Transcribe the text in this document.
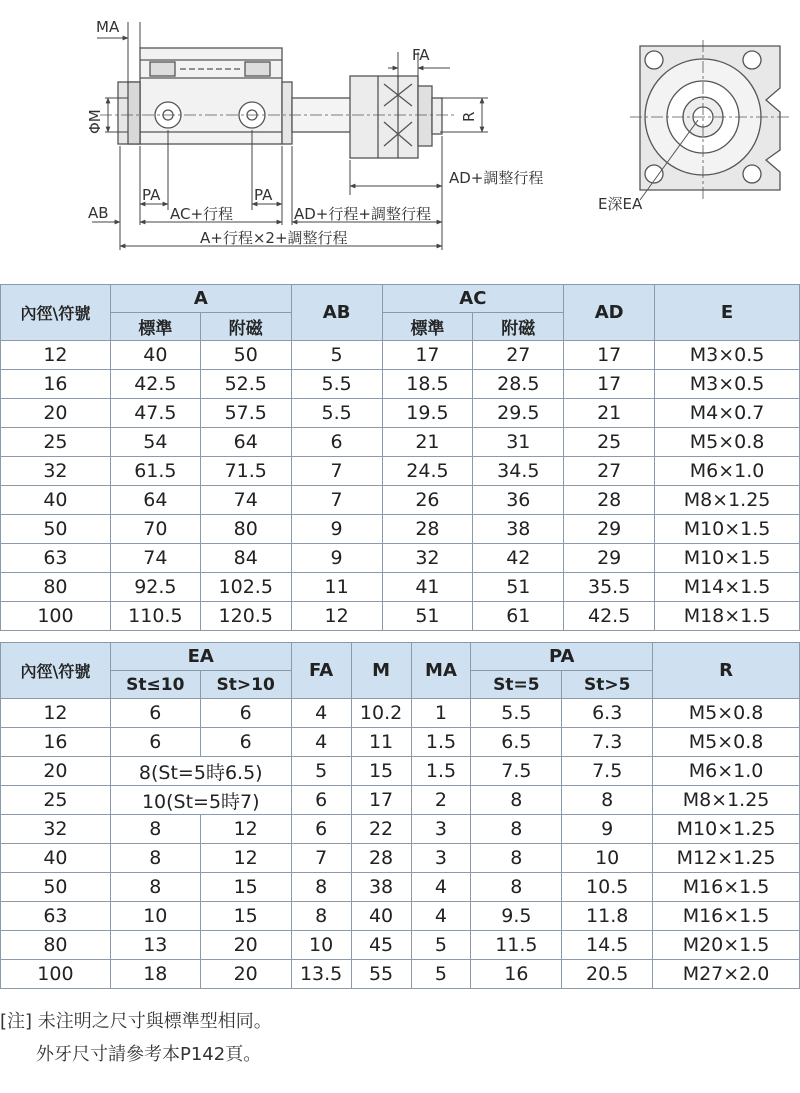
MA
FA
ΦM	R
AD+調整行程
E深EA
AB
PA	PA
AC+行程	AD+行程+調整行程
A+行程×2+調整行程
內徑\符號	A		AB	AC		AD	E
	標準	附磁		標準	附磁		
12	40	50	5	17	27	17	M3×0.5
16	42.5	52.5	5.5	18.5	28.5	17	M3×0.5
20	47.5	57.5	5.5	19.5	29.5	21	M4×0.7
25	54	64	6	21	31	25	M5×0.8
32	61.5	71.5	7	24.5	34.5	27	M6×1.0
40	64	74	7	26	36	28	M8×1.25
50	70	80	9	28	38	29	M10×1.5
63	74	84	9	32	42	29	M10×1.5
80	92.5	102.5	11	41	51	35.5	M14×1.5
100	110.5	120.5	12	51	61	42.5	M18×1.5
內徑\符號	EA		FA	M	MA	PA		R
	St≤10	St>10				St=5	St>5	
12	6	6	4	10.2	1	5.5	6.3	M5×0.8
16	6	6	4	11	1.5	6.5	7.3	M5×0.8
20	8(St=5時6.5)		5	15	1.5	7.5	7.5	M6×1.0
25	10(St=5時7)		6	17	2	8	8	M8×1.25
32	8	12	6	22	3	8	9	M10×1.25
40	8	12	7	28	3	8	10	M12×1.25
50	8	15	8	38	4	8	10.5	M16×1.5
63	10	15	8	40	4	9.5	11.8	M16×1.5
80	13	20	10	45	5	11.5	14.5	M20×1.5
100	18	20	13.5	55	5	16	20.5	M27×2.0
[注] 未注明之尺寸與標準型相同。
外牙尺寸請參考本P142頁。
